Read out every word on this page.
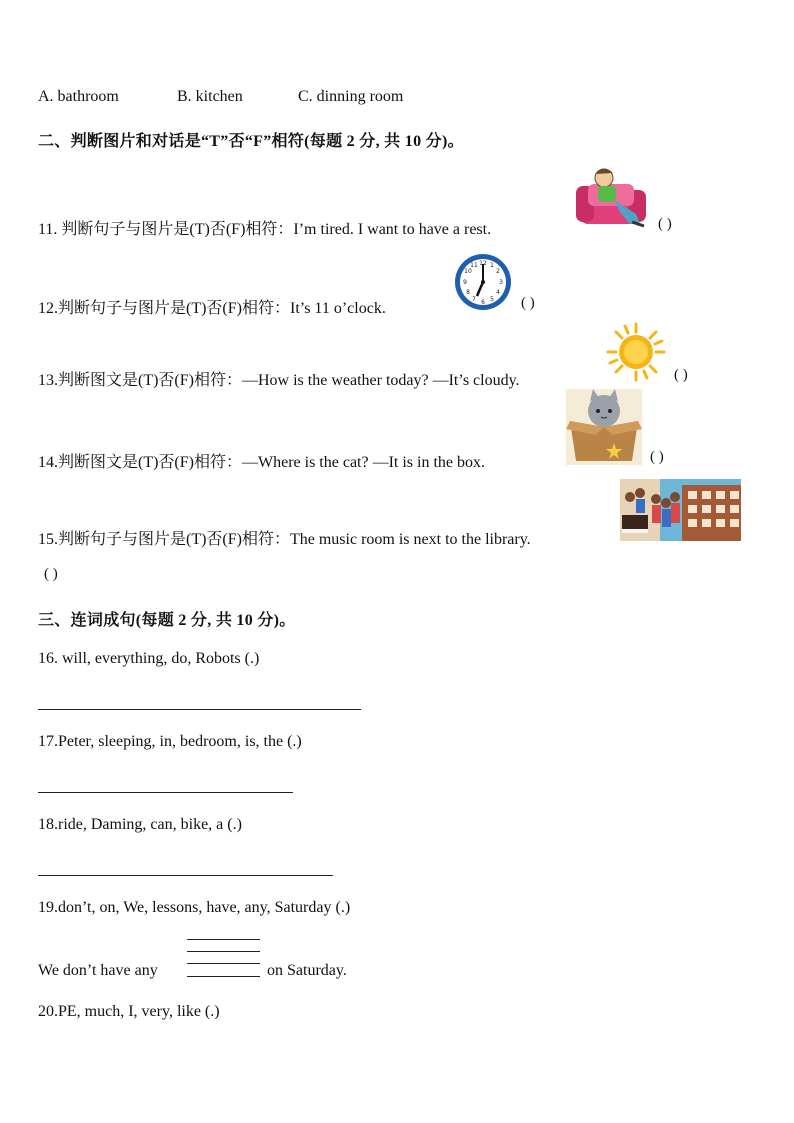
A. bathroom	B. kitchen	C. dinning room
二、判断图片和对话是“T”否“F”相符(每题 2 分, 共 10 分)。
11. 判断句子与图片是(T)否(F)相符：I’m tired. I want to have a rest.	( )
12.判断句子与图片是(T)否(F)相符：It’s 11 o’clock.
12 1
2
3
4
5
6
7
8
9
10
11
( )
13.判断图文是(T)否(F)相符：—How is the weather today? —It’s cloudy.	( )
14.判断图文是(T)否(F)相符：—Where is the cat? —It is in the box.	( )
15.判断句子与图片是(T)否(F)相符：The music room is next to the library.
( )
三、连词成句(每题 2 分, 共 10 分)。
16. will, everything, do, Robots (.)
17.Peter, sleeping, in, bedroom, is, the (.)
18.ride, Daming, can, bike, a (.)
19.don’t, on, We, lessons, have, any, Saturday (.)
We don’t have any	on Saturday.
20.PE, much, I, very, like (.)
